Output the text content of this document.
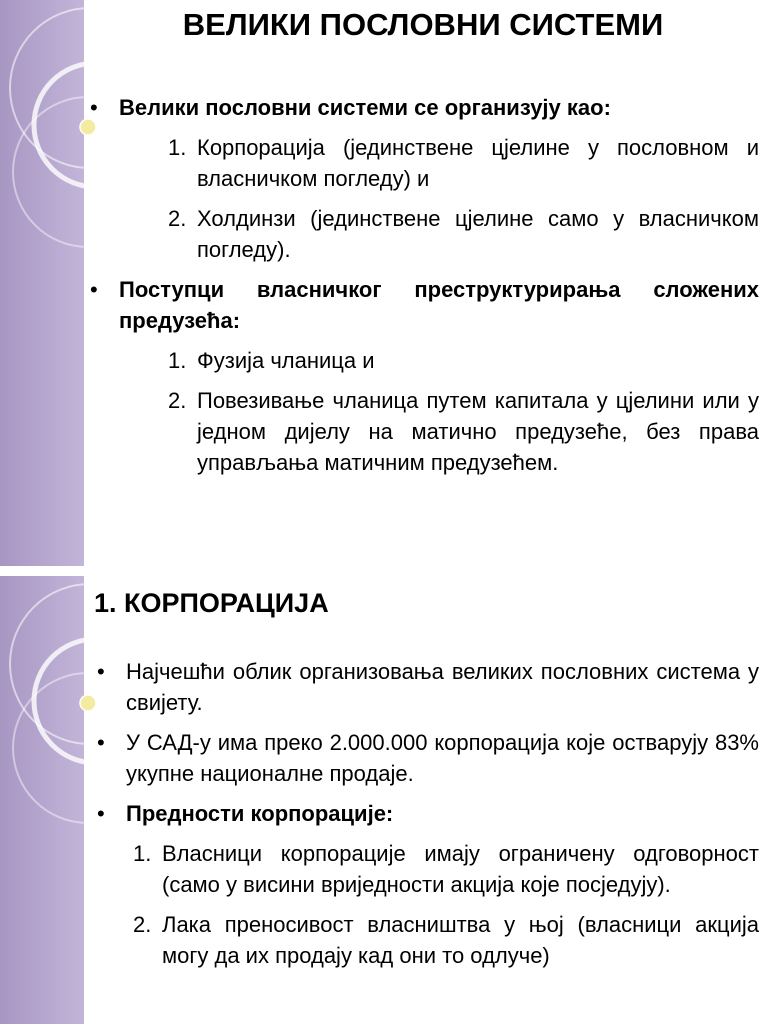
ВЕЛИКИ ПОСЛОВНИ СИСТЕМИ
• Велики пословни системи се организују као:
1. Корпорација (јединствене цјелине у пословном и власничком погледу) и
2. Холдинзи (јединствене цјелине само у власничком погледу).
• Поступци власничког преструктурирања сложених предузећа:
1. Фузија чланица и
2. Повезивање чланица путем капитала у цјелини или у једном дијелу на матично предузеће, без права управљања матичним предузећем.
1. КОРПОРАЦИЈА
• Најчешћи облик организовања великих пословних система у свијету.
• У САД-у има преко 2.000.000 корпорација које остварују 83% укупне националне продаје.
• Предности корпорације:
1. Власници корпорације имају ограничену одговорност (само у висини вриједности акција које посједују).
2. Лака преносивост власништва у њој (власници акција могу да их продају кад они то одлуче)
